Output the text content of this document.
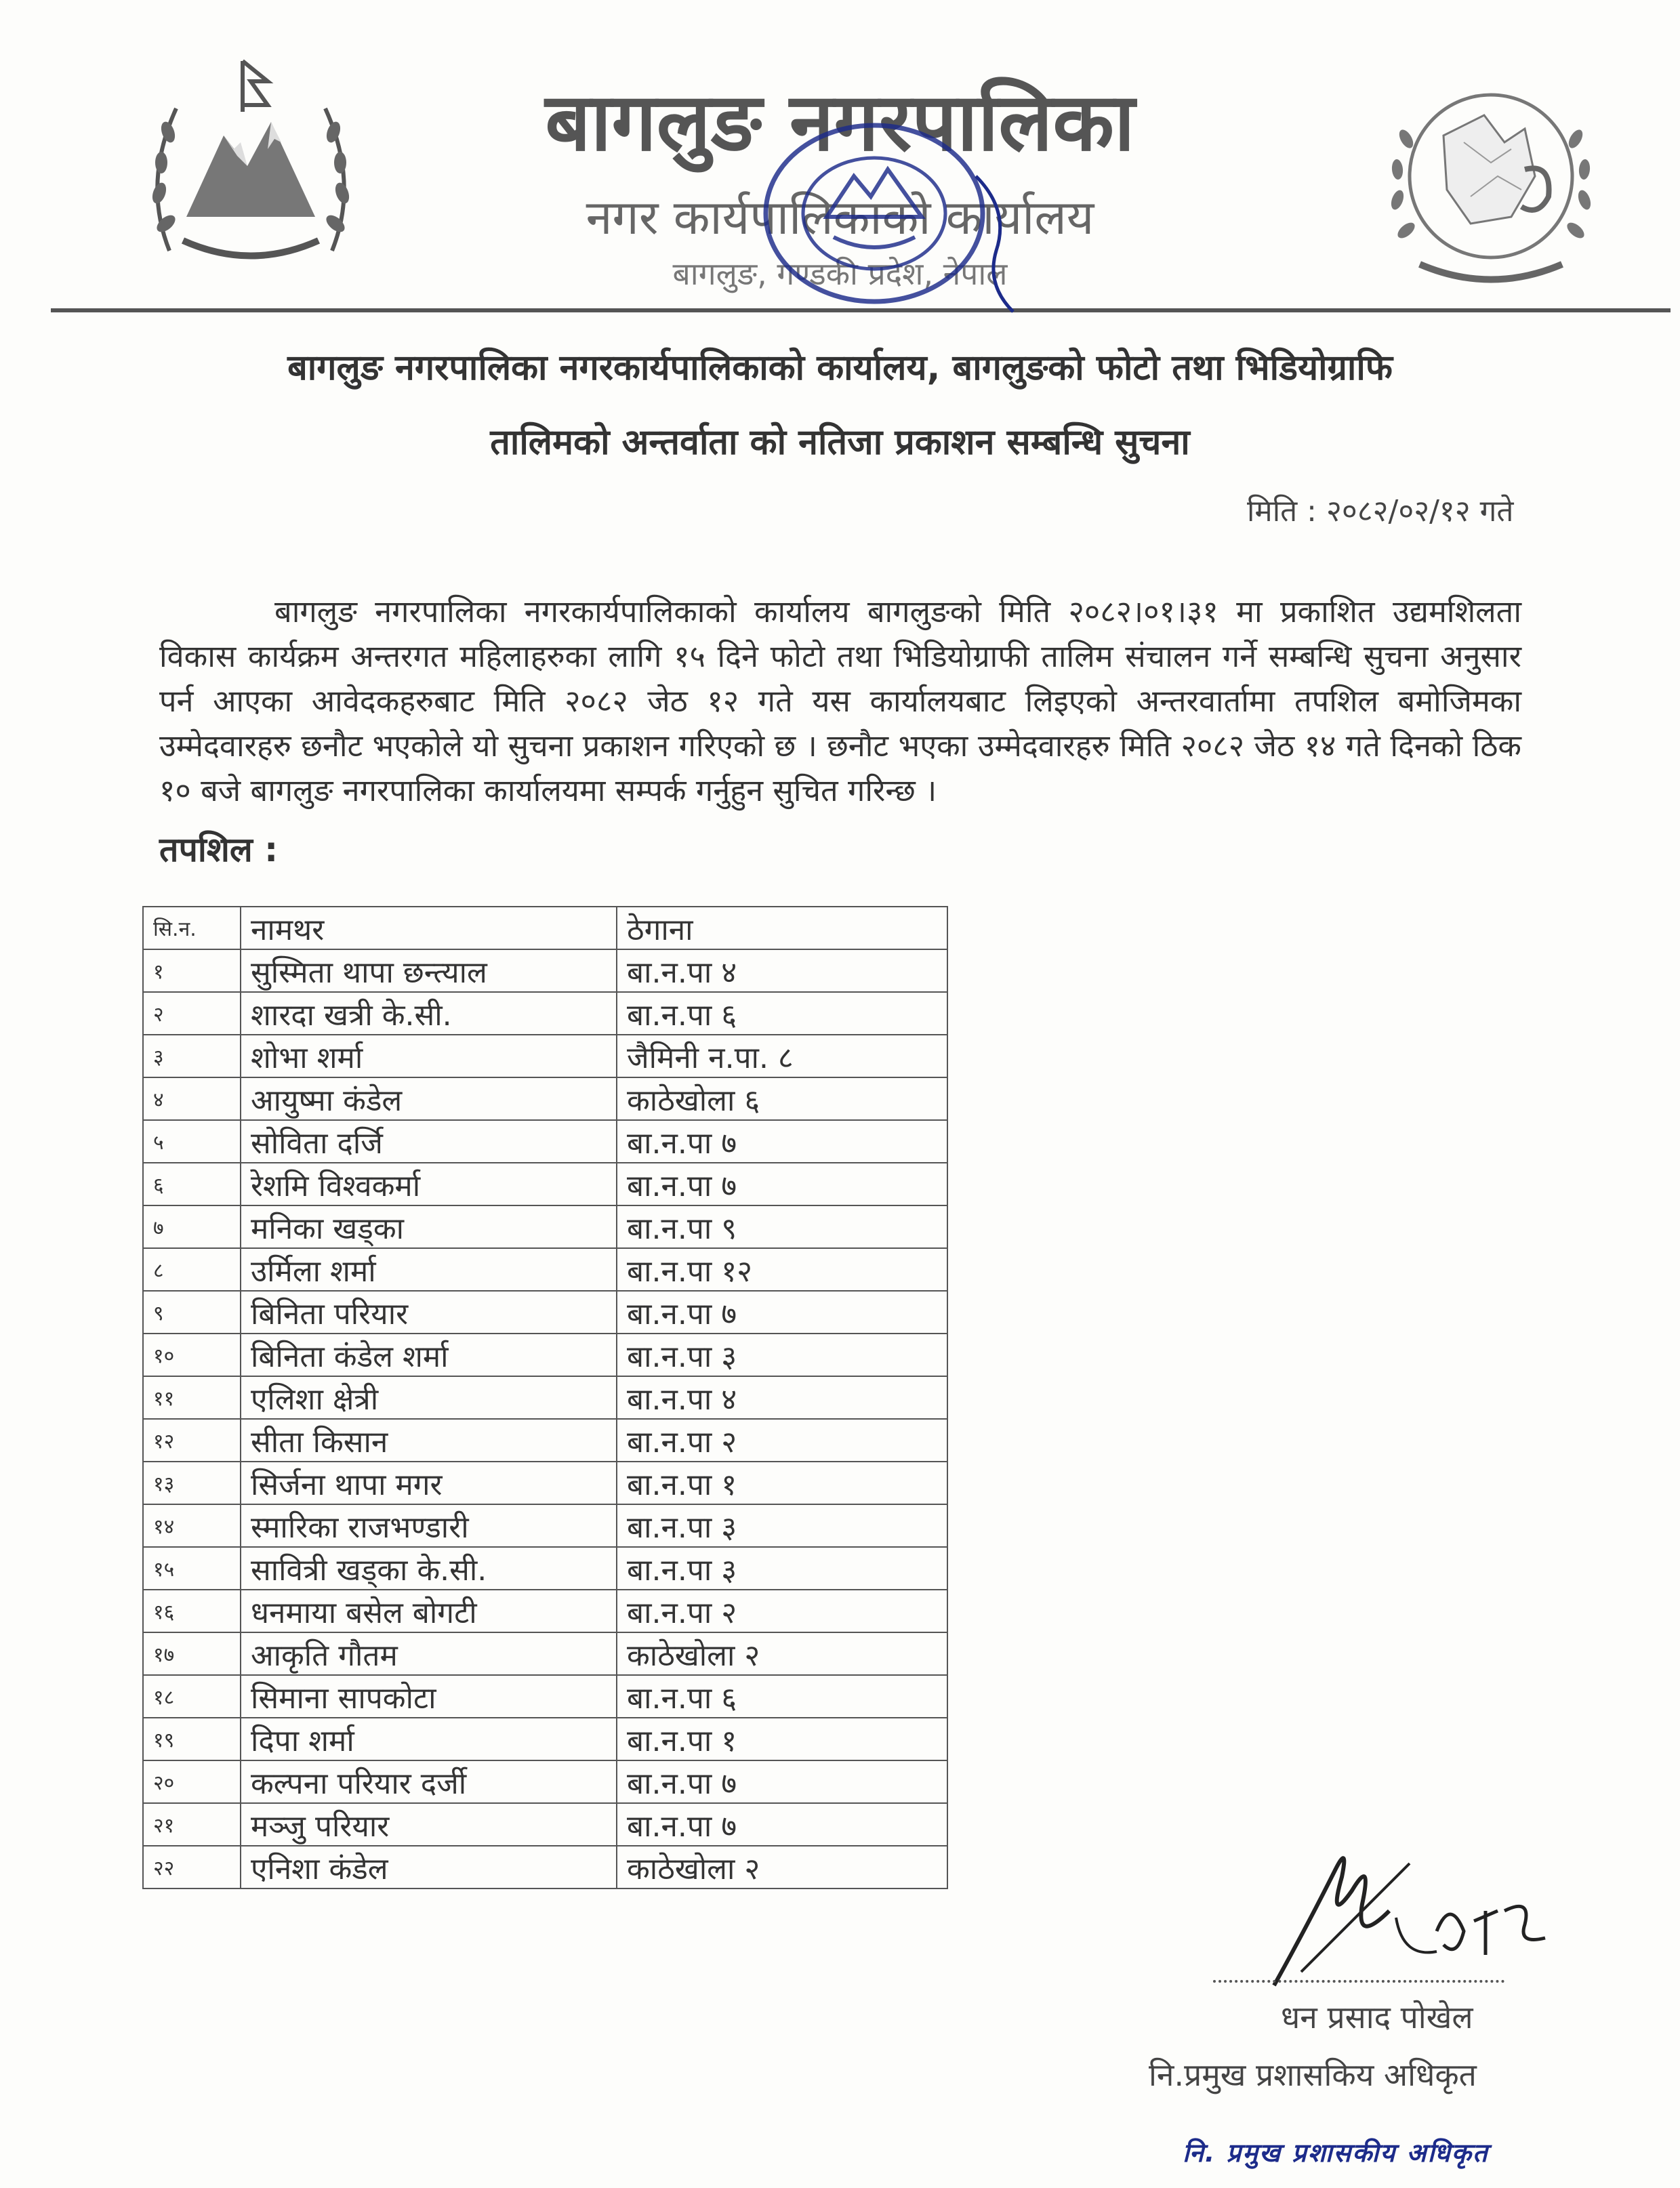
बागलुङ नगरपालिका
नगर कार्यपालिकाको कार्यालय
बागलुङ, गण्डकी प्रदेश, नेपाल
बागलुङ नगरपालिका नगरकार्यपालिकाको कार्यालय, बागलुङको फोटो तथा भिडियोग्राफि
तालिमको अन्तर्वाता को नतिजा प्रकाशन सम्बन्धि सुचना
मिति : २०८२/०२/१२ गते
बागलुङ नगरपालिका नगरकार्यपालिकाको कार्यालय बागलुङको मिति २०८२।०१।३१ मा प्रकाशित उद्यमशिलता विकास कार्यक्रम अन्तरगत महिलाहरुका लागि १५ दिने फोटो तथा भिडियोग्राफी तालिम संचालन गर्ने सम्बन्धि सुचना अनुसार पर्न आएका आवेदकहरुबाट मिति २०८२ जेठ १२ गते यस कार्यालयबाट लिइएको अन्तरवार्तामा तपशिल बमोजिमका उम्मेदवारहरु छनौट भएकोले यो सुचना प्रकाशन गरिएको छ । छनौट भएका उम्मेदवारहरु मिति २०८२ जेठ १४ गते दिनको ठिक १० बजे बागलुङ नगरपालिका कार्यालयमा सम्पर्क गर्नुहुन सुचित गरिन्छ ।
तपशिल :
सि.न.	नामथर	ठेगाना
१	सुस्मिता थापा छन्त्याल	बा.न.पा ४
२	शारदा खत्री के.सी.	बा.न.पा ६
३	शोभा शर्मा	जैमिनी न.पा. ८
४	आयुष्मा कंडेल	काठेखोला ६
५	सोविता दर्जि	बा.न.पा ७
६	रेशमि विश्वकर्मा	बा.न.पा ७
७	मनिका खड्का	बा.न.पा ९
८	उर्मिला शर्मा	बा.न.पा १२
९	बिनिता परियार	बा.न.पा ७
१०	बिनिता कंडेल शर्मा	बा.न.पा ३
११	एलिशा क्षेत्री	बा.न.पा ४
१२	सीता किसान	बा.न.पा २
१३	सिर्जना थापा मगर	बा.न.पा १
१४	स्मारिका राजभण्डारी	बा.न.पा ३
१५	सावित्री खड्का के.सी.	बा.न.पा ३
१६	धनमाया बसेल बोगटी	बा.न.पा २
१७	आकृति गौतम	काठेखोला २
१८	सिमाना सापकोटा	बा.न.पा ६
१९	दिपा शर्मा	बा.न.पा १
२०	कल्पना परियार दर्जी	बा.न.पा ७
२१	मञ्जु परियार	बा.न.पा ७
२२	एनिशा कंडेल	काठेखोला २
धन प्रसाद पोखेल
नि.प्रमुख प्रशासकिय अधिकृत
नि. प्रमुख प्रशासकीय अधिकृत
